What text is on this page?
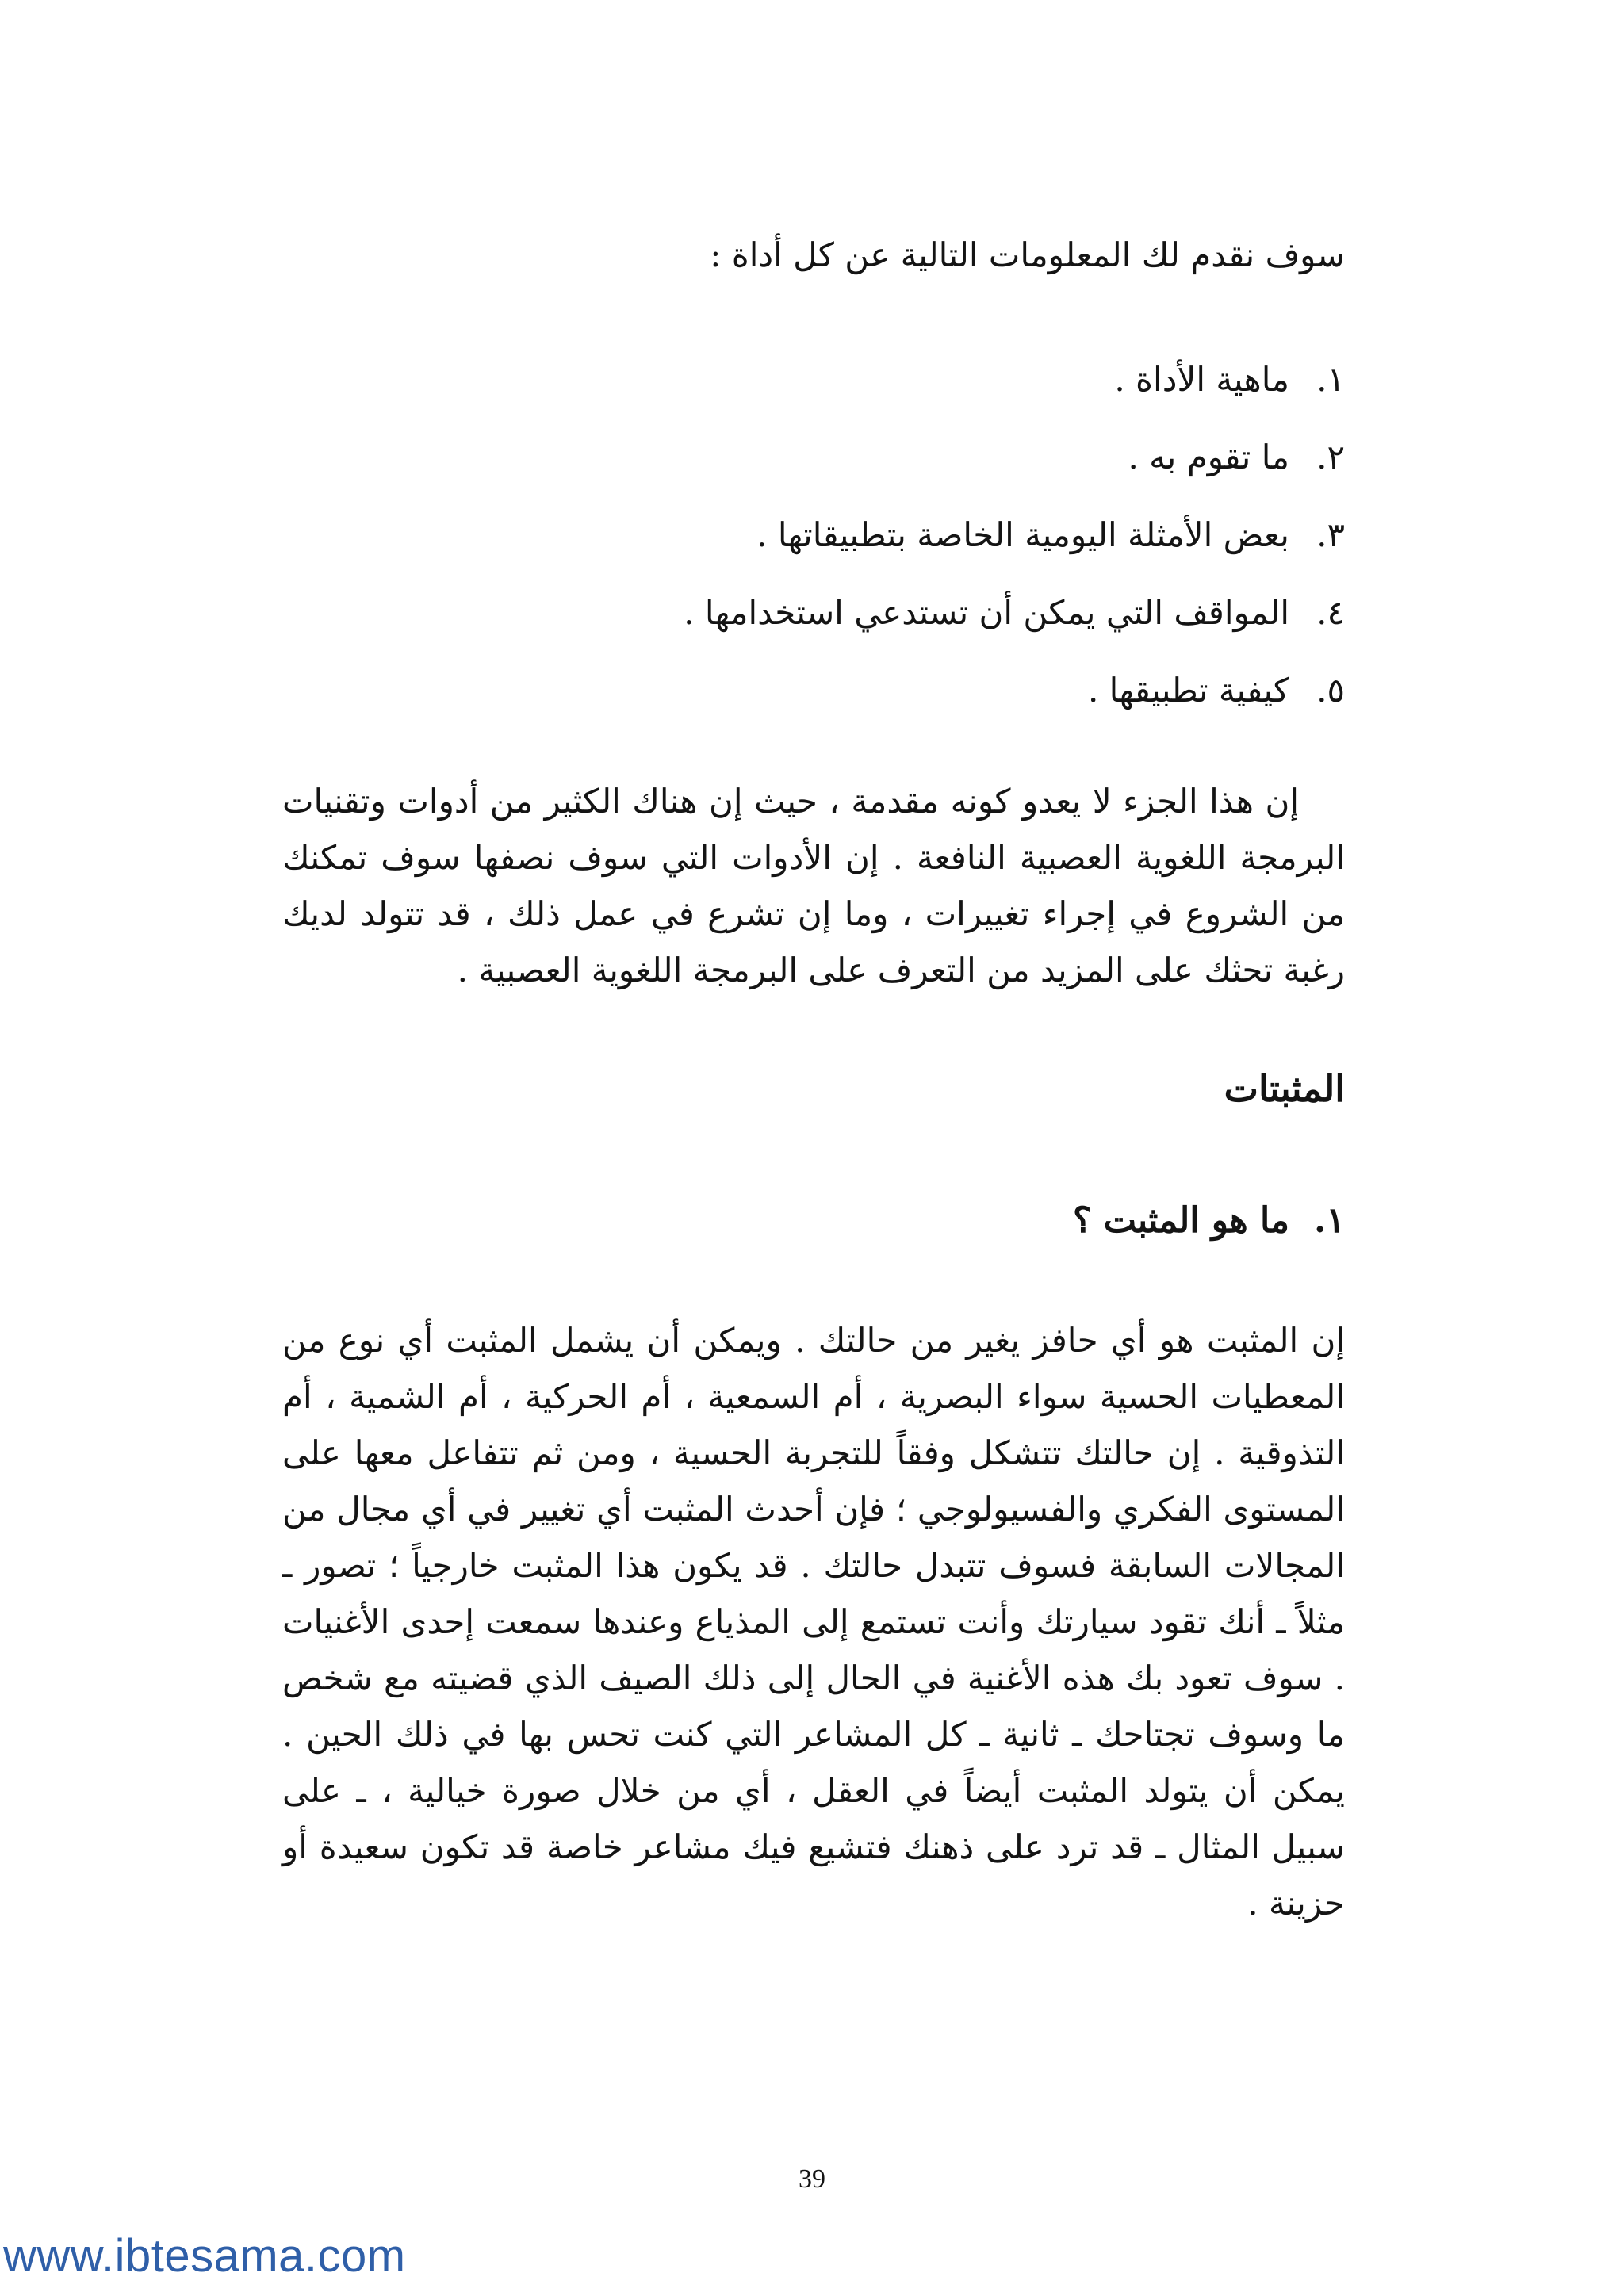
سوف نقدم لك المعلومات التالية عن كل أداة :
١.
ماهية الأداة .
٢.
ما تقوم به .
٣.
بعض الأمثلة اليومية الخاصة بتطبيقاتها .
٤.
المواقف التي يمكن أن تستدعي استخدامها .
٥.
كيفية تطبيقها .

إن هذا الجزء لا يعدو كونه مقدمة ، حيث إن هناك الكثير من أدوات وتقنيات البرمجة اللغوية العصبية النافعة . إن الأدوات التي سوف نصفها سوف تمكنك من الشروع في إجراء تغييرات ، وما إن تشرع في عمل ذلك ، قد تتولد لديك رغبة تحثك على المزيد من التعرف على البرمجة اللغوية العصبية .

المثبتات
١.
ما هو المثبت ؟

إن المثبت هو أي حافز يغير من حالتك . ويمكن أن يشمل المثبت أي نوع من المعطيات الحسية سواء البصرية ، أم السمعية ، أم الحركية ، أم الشمية ، أم التذوقية . إن حالتك تتشكل وفقاً للتجربة الحسية ، ومن ثم تتفاعل معها على المستوى الفكري والفسيولوجي ؛ فإن أحدث المثبت أي تغيير في أي مجال من المجالات السابقة فسوف تتبدل حالتك . قد يكون هذا المثبت خارجياً ؛ تصور ـ مثلاً ـ أنك تقود سيارتك وأنت تستمع إلى المذياع وعندها سمعت إحدى الأغنيات . سوف تعود بك هذه الأغنية في الحال إلى ذلك الصيف الذي قضيته مع شخص ما وسوف تجتاحك ـ ثانية ـ كل المشاعر التي كنت تحس بها في ذلك الحين . يمكن أن يتولد المثبت أيضاً في العقل ، أي من خلال صورة خيالية ، ـ على سبيل المثال ـ قد ترد على ذهنك فتشيع فيك مشاعر خاصة قد تكون سعيدة أو حزينة .

39
www.ibtesama.com
